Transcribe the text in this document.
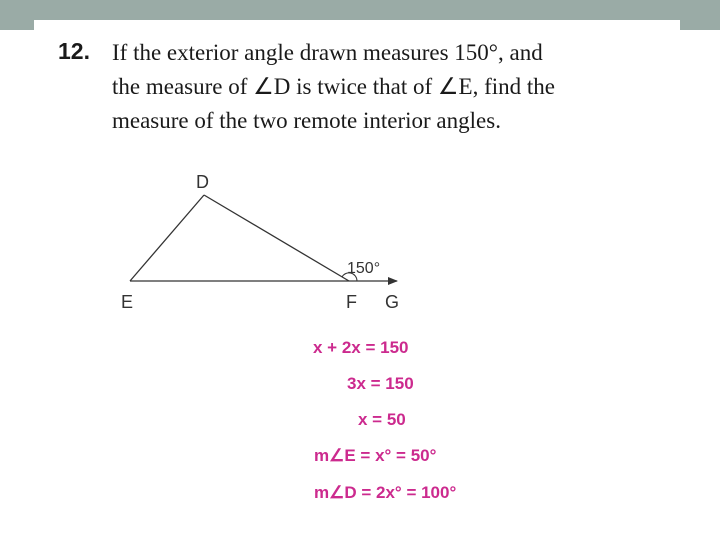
12. If the exterior angle drawn measures 150°, and
the measure of ∠D is twice that of ∠E, find the
measure of the two remote interior angles.
D
E	F G
150°
x + 2x = 150
3x = 150
x = 50
m∠E = x° = 50°
m∠D = 2x° = 100°
